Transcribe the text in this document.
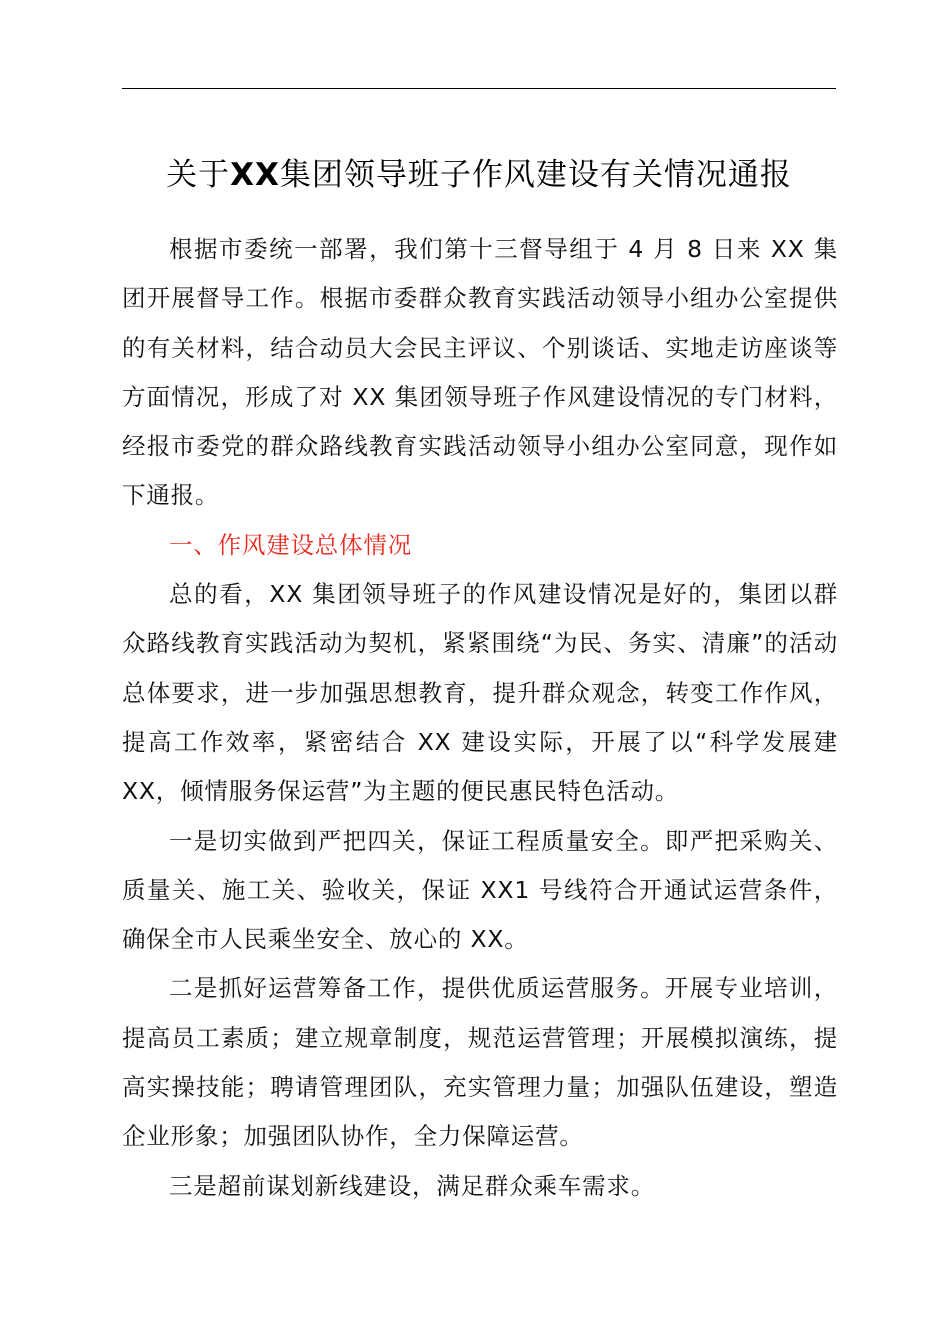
关于XX集团领导班子作风建设有关情况通报

根据市委统一部署，我们第十三督导组于 4 月 8 日来 XX 集团开展督导工作。根据市委群众教育实践活动领导小组办公室提供的有关材料，结合动员大会民主评议、个别谈话、实地走访座谈等方面情况，形成了对 XX 集团领导班子作风建设情况的专门材料，经报市委党的群众路线教育实践活动领导小组办公室同意，现作如下通报。

一、作风建设总体情况

总的看，XX 集团领导班子的作风建设情况是好的，集团以群众路线教育实践活动为契机，紧紧围绕“为民、务实、清廉”的活动总体要求，进一步加强思想教育，提升群众观念，转变工作作风，提高工作效率，紧密结合 XX 建设实际，开展了以“科学发展建 XX，倾情服务保运营”为主题的便民惠民特色活动。

一是切实做到严把四关，保证工程质量安全。即严把采购关、质量关、施工关、验收关，保证 XX1 号线符合开通试运营条件，确保全市人民乘坐安全、放心的 XX。

二是抓好运营筹备工作，提供优质运营服务。开展专业培训，提高员工素质；建立规章制度，规范运营管理；开展模拟演练，提高实操技能；聘请管理团队，充实管理力量；加强队伍建设，塑造企业形象；加强团队协作，全力保障运营。

三是超前谋划新线建设，满足群众乘车需求。
